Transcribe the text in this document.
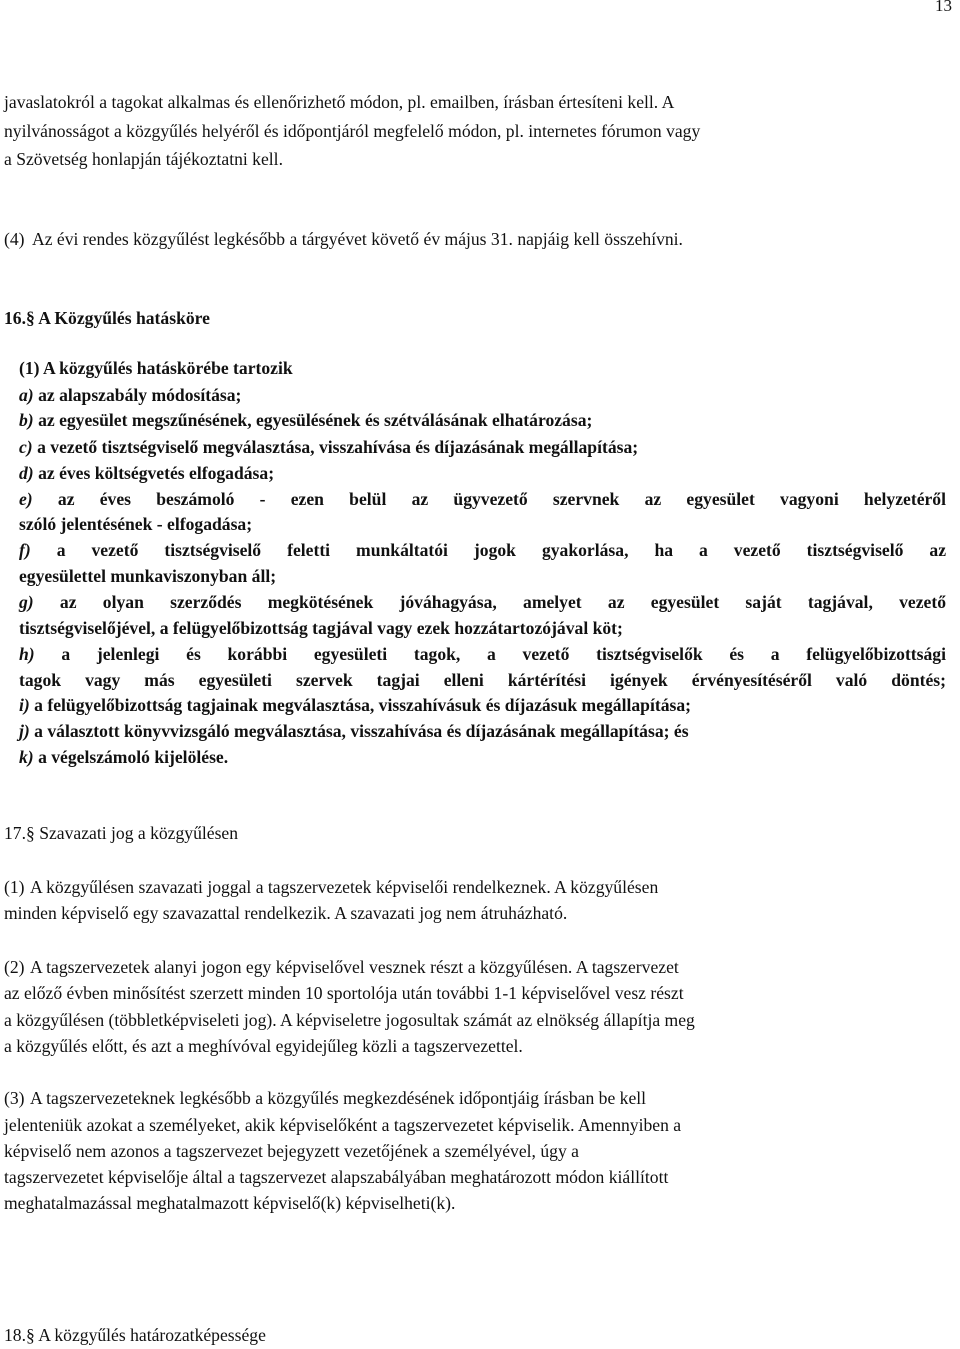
13
javaslatokról a tagokat alkalmas és ellenőrizhető módon, pl. emailben, írásban értesíteni kell. A
nyilvánosságot a közgyűlés helyéről és időpontjáról megfelelő módon, pl. internetes fórumon vagy
a Szövetség honlapján tájékoztatni kell.
(4) Az évi rendes közgyűlést legkésőbb a tárgyévet követő év május 31. napjáig kell összehívni.
16.§ A Közgyűlés hatásköre
(1) A közgyűlés hatáskörébe tartozik
a) az alapszabály módosítása;
b) az egyesület megszűnésének, egyesülésének és szétválásának elhatározása;
c) a vezető tisztségviselő megválasztása, visszahívása és díjazásának megállapítása;
d) az éves költségvetés elfogadása;
e) az éves beszámoló - ezen belül az ügyvezető szervnek az egyesület vagyoni helyzetéről
szóló jelentésének - elfogadása;
f) a vezető tisztségviselő feletti munkáltatói jogok gyakorlása, ha a vezető tisztségviselő az
egyesülettel munkaviszonyban áll;
g) az olyan szerződés megkötésének jóváhagyása, amelyet az egyesület saját tagjával, vezető
tisztségviselőjével, a felügyelőbizottság tagjával vagy ezek hozzátartozójával köt;
h) a jelenlegi és korábbi egyesületi tagok, a vezető tisztségviselők és a felügyelőbizottsági
tagok vagy más egyesületi szervek tagjai elleni kártérítési igények érvényesítéséről való döntés;
i) a felügyelőbizottság tagjainak megválasztása, visszahívásuk és díjazásuk megállapítása;
j) a választott könyvvizsgáló megválasztása, visszahívása és díjazásának megállapítása; és
k) a végelszámoló kijelölése.
17.§ Szavazati jog a közgyűlésen
(1) A közgyűlésen szavazati joggal a tagszervezetek képviselői rendelkeznek. A közgyűlésen
minden képviselő egy szavazattal rendelkezik. A szavazati jog nem átruházható.
(2) A tagszervezetek alanyi jogon egy képviselővel vesznek részt a közgyűlésen. A tagszervezet
az előző évben minősítést szerzett minden 10 sportolója után további 1-1 képviselővel vesz részt
a közgyűlésen (többletképviseleti jog). A képviseletre jogosultak számát az elnökség állapítja meg
a közgyűlés előtt, és azt a meghívóval egyidejűleg közli a tagszervezettel.
(3) A tagszervezeteknek legkésőbb a közgyűlés megkezdésének időpontjáig írásban be kell
jelenteniük azokat a személyeket, akik képviselőként a tagszervezetet képviselik. Amennyiben a
képviselő nem azonos a tagszervezet bejegyzett vezetőjének a személyével, úgy a
tagszervezetet képviselője által a tagszervezet alapszabályában meghatározott módon kiállított
meghatalmazással meghatalmazott képviselő(k) képviselheti(k).
18.§ A közgyűlés határozatképessége
